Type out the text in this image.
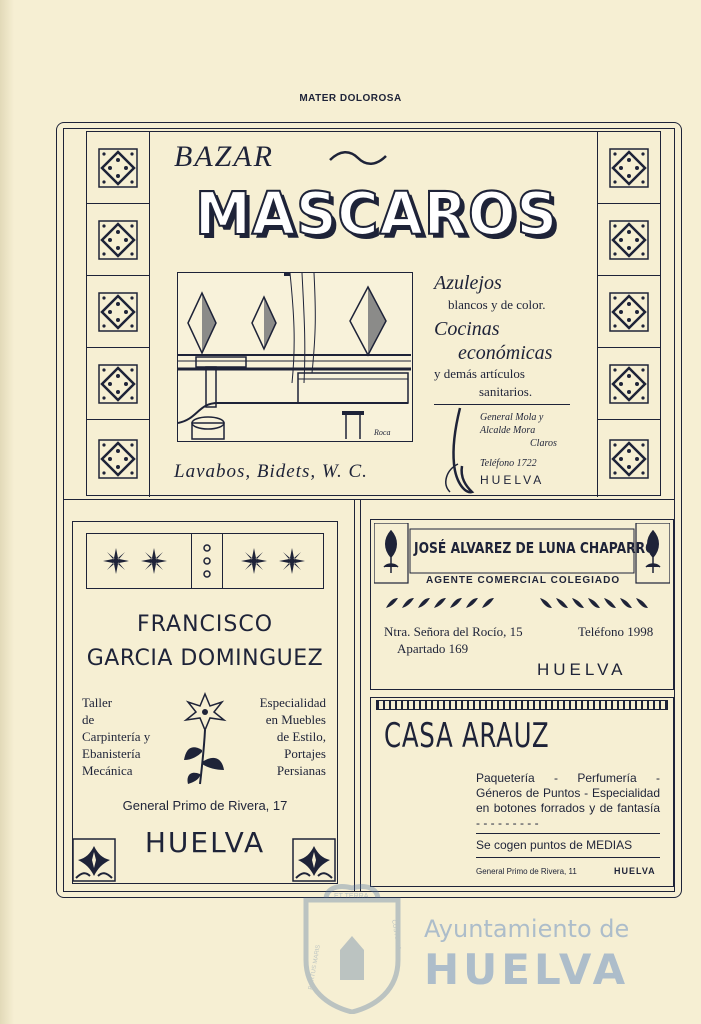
MATER DOLOROSA
BAZAR
MASCAROS
Roca
Azulejos
blancos y de color.
Cocinas
económicas
y demás artículos
sanitarios.
General Mola y
Alcalde Mora
Claros
Teléfono 1722
HUELVA
Lavabos, Bidets, W. C.
FRANCISCO
GARCIA DOMINGUEZ
Taller
de
Carpintería y
Ebanistería
Mecánica
Especialidad
en Muebles
de Estilo,
Portajes
Persianas
General Primo de Rivera, 17
HUELVA
JOSÉ ALVAREZ DE LUNA CHAPARRO
AGENTE COMERCIAL COLEGIADO
Ntra. Señora del Rocío, 15	Teléfono 1998
Apartado 169
HUELVA
CASA ARAUZ
Paquetería - Perfumería - Géneros de Puntos - Especialidad en botones forrados y de fantasía - - - - - - - - -
Se cogen puntos de MEDIAS
General Primo de Rivera, 11	HUELVA
ET TERRA
PORTUS MARIS
CUSTODIA Ayuntamiento de
HUELVA
